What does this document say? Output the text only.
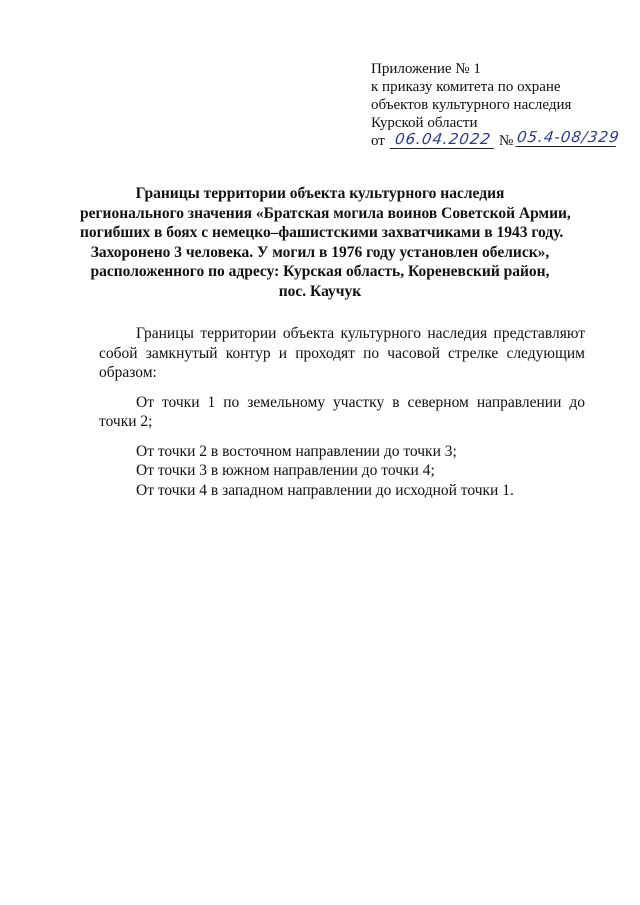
Приложение № 1
к приказу комитета по охране
объектов культурного наследия
Курской области
от 06.04.2022 № 05.4-08/329
Границы территории объекта культурного наследия
регионального значения «Братская могила воинов Советской Армии,
погибших в боях с немецко–фашистскими захватчиками в 1943 году.
Захоронено 3 человека. У могил в 1976 году установлен обелиск»,
расположенного по адресу: Курская область, Кореневский район,
пос. Каучук

Границы территории объекта культурного наследия представляют собой замкнутый контур и проходят по часовой стрелке следующим образом:

От точки 1 по земельному участку в северном направлении до точки 2;

От точки 2 в восточном направлении до точки 3;

От точки 3 в южном направлении до точки 4;

От точки 4 в западном направлении до исходной точки 1.
